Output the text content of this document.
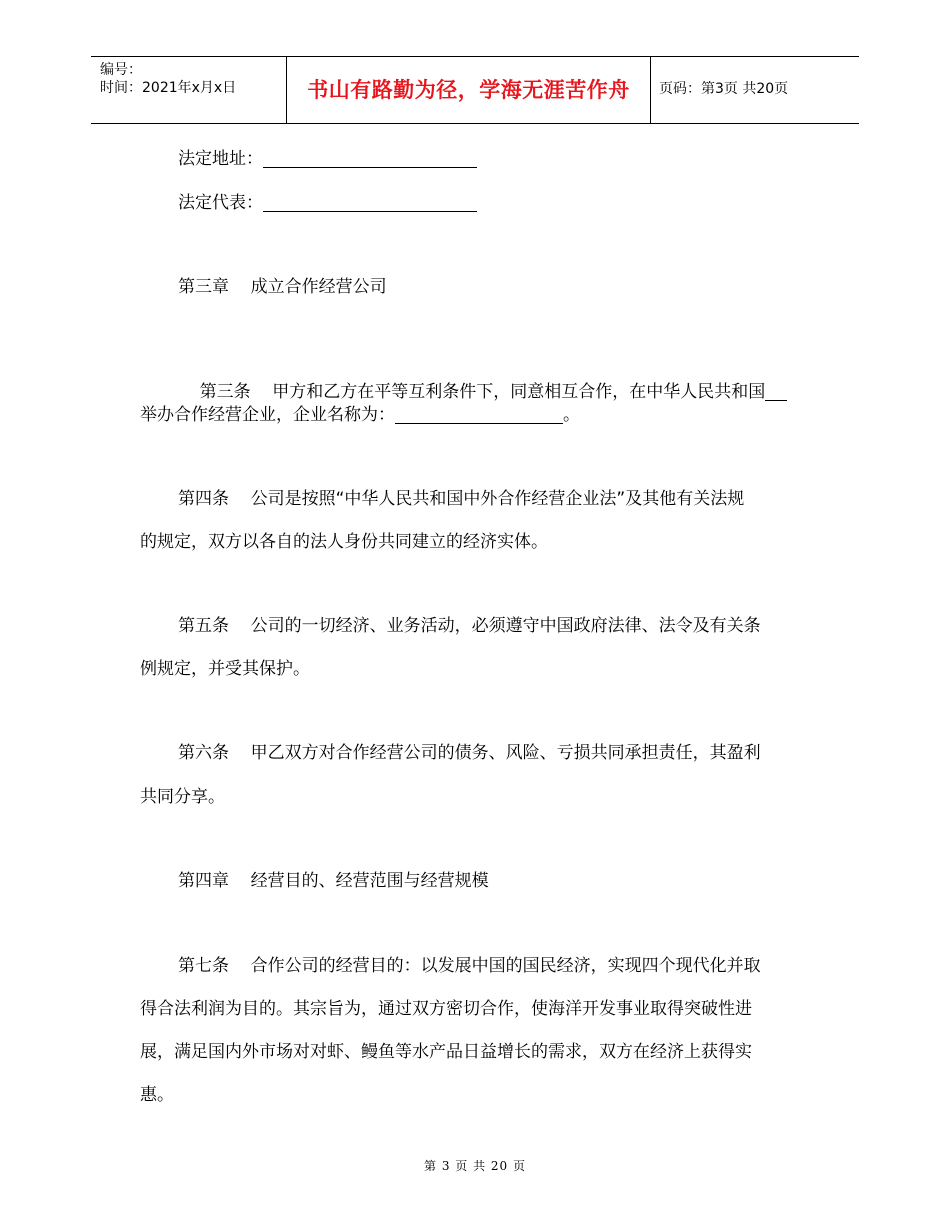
编号：
时间：2021年x月x日	书山有路勤为径，学海无涯苦作舟	页码：第3页 共20页
法定地址：
法定代表：
第三章    成立合作经营公司

第三条    甲方和乙方在平等互利条件下，同意相互合作，在中华人民共和国

举办合作经营企业，企业名称为：	。
第四条    公司是按照“中华人民共和国中外合作经营企业法”及其他有关法规
的规定，双方以各自的法人身份共同建立的经济实体。
第五条    公司的一切经济、业务活动，必须遵守中国政府法律、法令及有关条
例规定，并受其保护。
第六条    甲乙双方对合作经营公司的债务、风险、亏损共同承担责任，其盈利
共同分享。
第四章    经营目的、经营范围与经营规模
第七条    合作公司的经营目的：以发展中国的国民经济，实现四个现代化并取
得合法利润为目的。其宗旨为，通过双方密切合作，使海洋开发事业取得突破性进
展，满足国内外市场对对虾、鳗鱼等水产品日益增长的需求，双方在经济上获得实
惠。
第 3 页 共 20 页
